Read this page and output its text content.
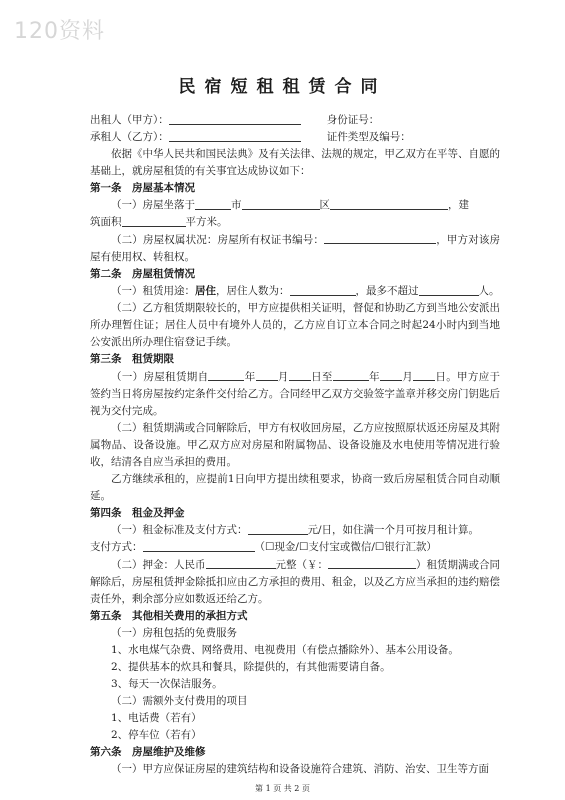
120资料
民宿短租租赁合同
出租人（甲方）：	身份证号：
承租人（乙方）：	证件类型及编号：

依据《中华人民共和国民法典》及有关法律、法规的规定，甲乙双方在平等、自愿的基础上，就房屋租赁的有关事宜达成协议如下：

第一条　房屋基本情况

（一）房屋坐落于	市	区	，建
筑面积	平方米。

（二）房屋权属状况：房屋所有权证书编号：	，甲方对该房屋有使用权、转租权。

第二条　房屋租赁情况

（一）租赁用途： 居住 ，居住人数为：	，最多不超过	人。

（二）乙方租赁期限较长的，甲方应提供相关证明，督促和协助乙方到当地公安派出所办理暂住证；居住人员中有境外人员的，乙方应自订立本合同之时起24小时内到当地公安派出所办理住宿登记手续。

第三条　租赁期限

（一）房屋租赁期自	年 月 日至	年 月 日。甲方应于签约当日将房屋按约定条件交付给乙方。合同经甲乙双方交验签字盖章并移交房门钥匙后视为交付完成。

（二）租赁期满或合同解除后，甲方有权收回房屋，乙方应按照原状返还房屋及其附属物品、设备设施。甲乙双方应对房屋和附属物品、设备设施及水电使用等情况进行验收，结清各自应当承担的费用。

乙方继续承租的，应提前1日向甲方提出续租要求，协商一致后房屋租赁合同自动顺延。

第四条　租金及押金

（一）租金标准及支付方式：	元/日，如住满一个月可按月租计算。
支付方式：	（☐现金/☐支付宝或微信/☐银行汇款）

（二）押金：人民币	元整（￥：	）租赁期满或合同解除后，房屋租赁押金除抵扣应由乙方承担的费用、租金，以及乙方应当承担的违约赔偿责任外，剩余部分应如数返还给乙方。

第五条　其他相关费用的承担方式

（一）房租包括的免费服务

1、水电煤气杂费、网络费用、电视费用（有偿点播除外）、基本公用设备。

2、提供基本的炊具和餐具，除提供的，有其他需要请自备。

3、每天一次保洁服务。

（二）需额外支付费用的项目

1、电话费（若有）

2、停车位（若有）

第六条　房屋维护及维修

（一）甲方应保证房屋的建筑结构和设备设施符合建筑、消防、治安、卫生等方面

第 1 页 共 2 页
